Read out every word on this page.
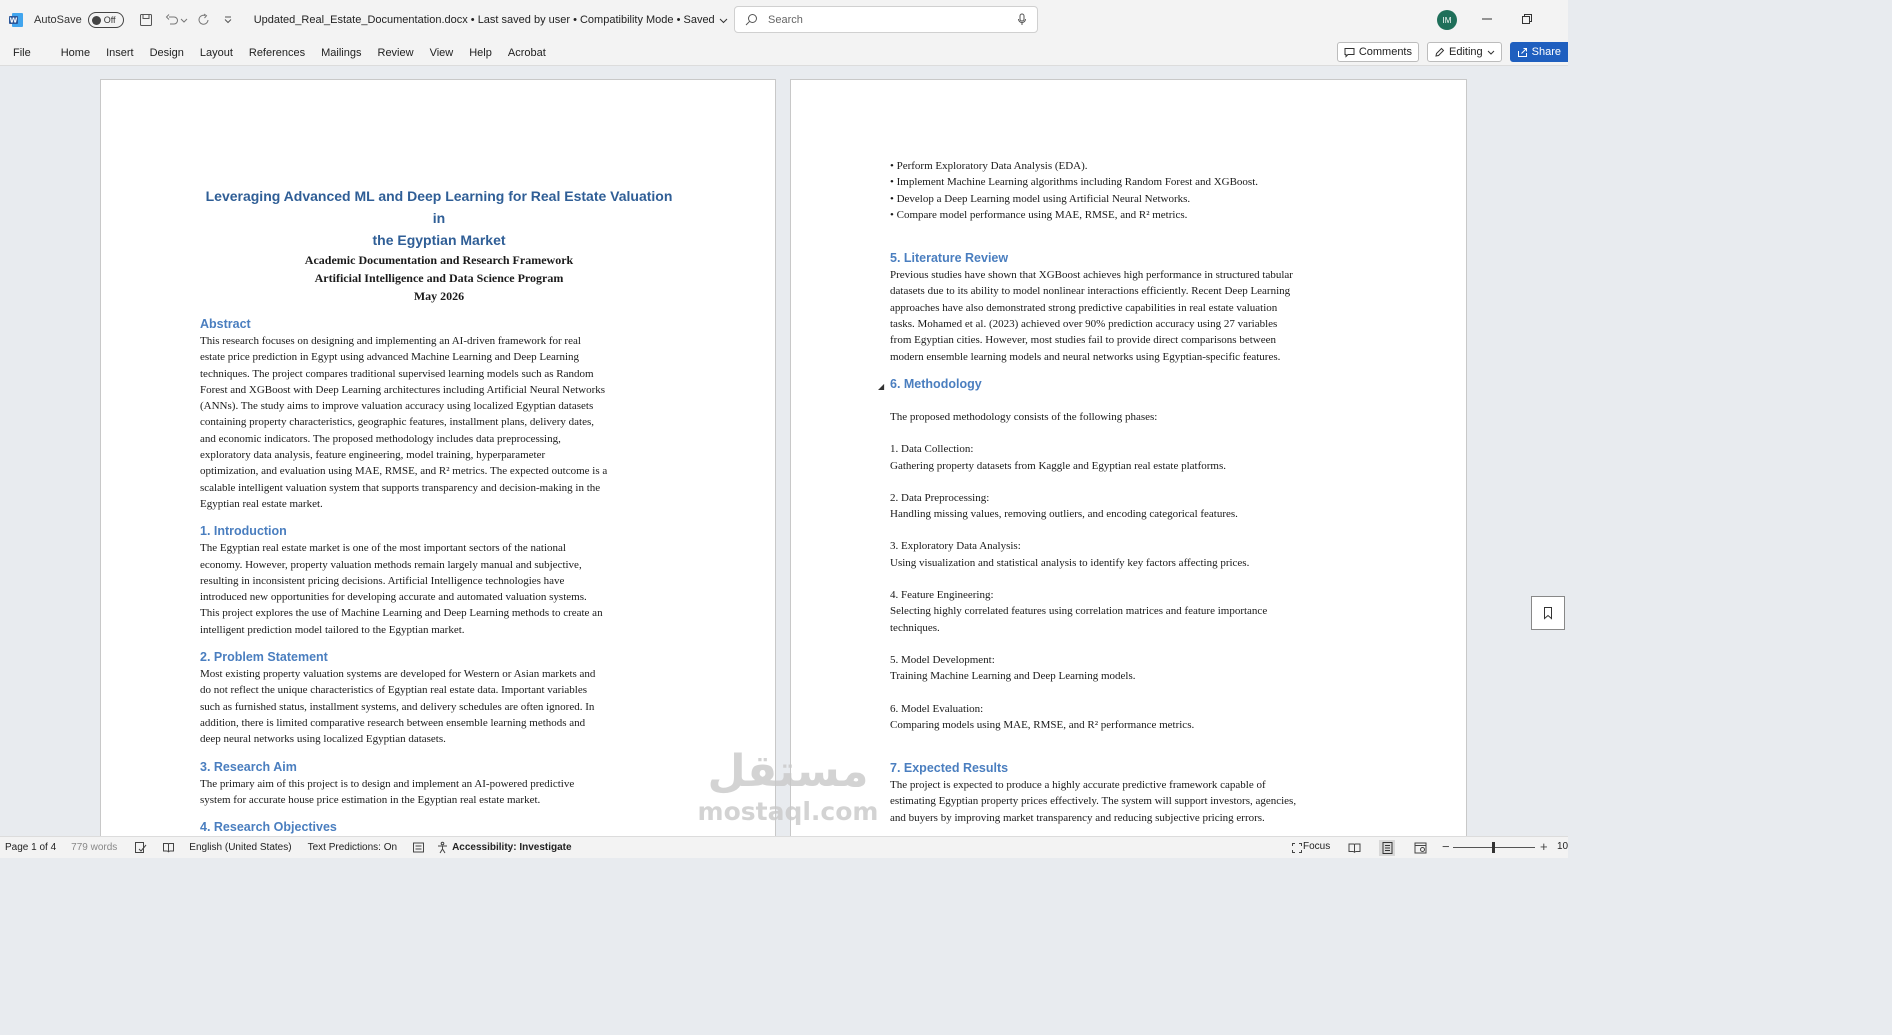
W AutoSave Off	Updated_Real_Estate_Documentation.docx • Last saved by user • Compatibility Mode • Saved	Search	IM
File	Home	Insert	Design	Layout	References	Mailings	Review	View	Help	Acrobat	Comments	Editing	Share
Leveraging Advanced ML and Deep Learning for Real Estate Valuation in
the Egyptian Market
Academic Documentation and Research Framework
Artificial Intelligence and Data Science Program
May 2026
Abstract
This research focuses on designing and implementing an AI-driven framework for real
estate price prediction in Egypt using advanced Machine Learning and Deep Learning
techniques. The project compares traditional supervised learning models such as Random
Forest and XGBoost with Deep Learning architectures including Artificial Neural Networks
(ANNs). The study aims to improve valuation accuracy using localized Egyptian datasets
containing property characteristics, geographic features, installment plans, delivery dates,
and economic indicators. The proposed methodology includes data preprocessing,
exploratory data analysis, feature engineering, model training, hyperparameter
optimization, and evaluation using MAE, RMSE, and R² metrics. The expected outcome is a
scalable intelligent valuation system that supports transparency and decision-making in the
Egyptian real estate market.
1. Introduction
The Egyptian real estate market is one of the most important sectors of the national
economy. However, property valuation methods remain largely manual and subjective,
resulting in inconsistent pricing decisions. Artificial Intelligence technologies have
introduced new opportunities for developing accurate and automated valuation systems.
This project explores the use of Machine Learning and Deep Learning methods to create an
intelligent prediction model tailored to the Egyptian market.
2. Problem Statement
Most existing property valuation systems are developed for Western or Asian markets and
do not reflect the unique characteristics of Egyptian real estate data. Important variables
such as furnished status, installment systems, and delivery schedules are often ignored. In
addition, there is limited comparative research between ensemble learning methods and
deep neural networks using localized Egyptian datasets.
3. Research Aim
The primary aim of this project is to design and implement an AI-powered predictive
system for accurate house price estimation in the Egyptian real estate market.
4. Research Objectives
• Perform Exploratory Data Analysis (EDA).
• Implement Machine Learning algorithms including Random Forest and XGBoost.
• Develop a Deep Learning model using Artificial Neural Networks.
• Compare model performance using MAE, RMSE, and R² metrics.
5. Literature Review
Previous studies have shown that XGBoost achieves high performance in structured tabular
datasets due to its ability to model nonlinear interactions efficiently. Recent Deep Learning
approaches have also demonstrated strong predictive capabilities in real estate valuation
tasks. Mohamed et al. (2023) achieved over 90% prediction accuracy using 27 variables
from Egyptian cities. However, most studies fail to provide direct comparisons between
modern ensemble learning models and neural networks using Egyptian-specific features.
◢ 6. Methodology
The proposed methodology consists of the following phases:
1. Data Collection:
Gathering property datasets from Kaggle and Egyptian real estate platforms.
2. Data Preprocessing:
Handling missing values, removing outliers, and encoding categorical features.
3. Exploratory Data Analysis:
Using visualization and statistical analysis to identify key factors affecting prices.
4. Feature Engineering:
Selecting highly correlated features using correlation matrices and feature importance
techniques.
5. Model Development:
Training Machine Learning and Deep Learning models.
6. Model Evaluation:
Comparing models using MAE, RMSE, and R² performance metrics.
7. Expected Results
The project is expected to produce a highly accurate predictive framework capable of
estimating Egyptian property prices effectively. The system will support investors, agencies,
and buyers by improving market transparency and reducing subjective pricing errors.
مستقل
mostaql.com
Page 1 of 4 779 words	English (United States) Text Predictions: On	Accessibility: Investigate	Focus	−	+ 10
